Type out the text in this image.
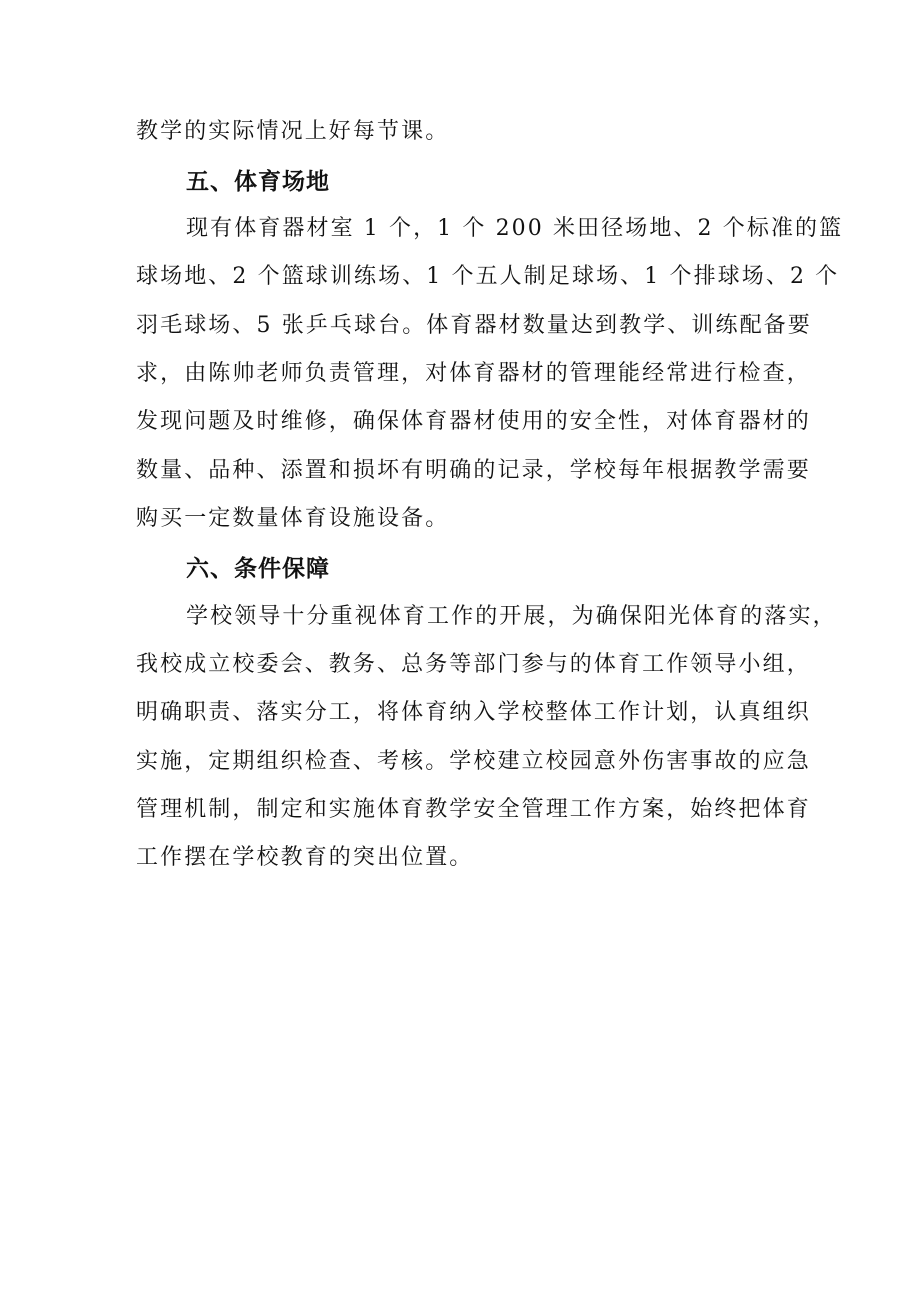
教学的实际情况上好每节课。
五、体育场地
现有体育器材室 1 个，1 个 200 米田径场地、2 个标准的篮
球场地、2 个篮球训练场、1 个五人制足球场、1 个排球场、2 个
羽毛球场、5 张乒乓球台。体育器材数量达到教学、训练配备要
求，由陈帅老师负责管理，对体育器材的管理能经常进行检查，
发现问题及时维修，确保体育器材使用的安全性，对体育器材的
数量、品种、添置和损坏有明确的记录，学校每年根据教学需要
购买一定数量体育设施设备。
六、条件保障
学校领导十分重视体育工作的开展，为确保阳光体育的落实，
我校成立校委会、教务、总务等部门参与的体育工作领导小组，
明确职责、落实分工，将体育纳入学校整体工作计划，认真组织
实施，定期组织检查、考核。学校建立校园意外伤害事故的应急
管理机制，制定和实施体育教学安全管理工作方案，始终把体育
工作摆在学校教育的突出位置。
